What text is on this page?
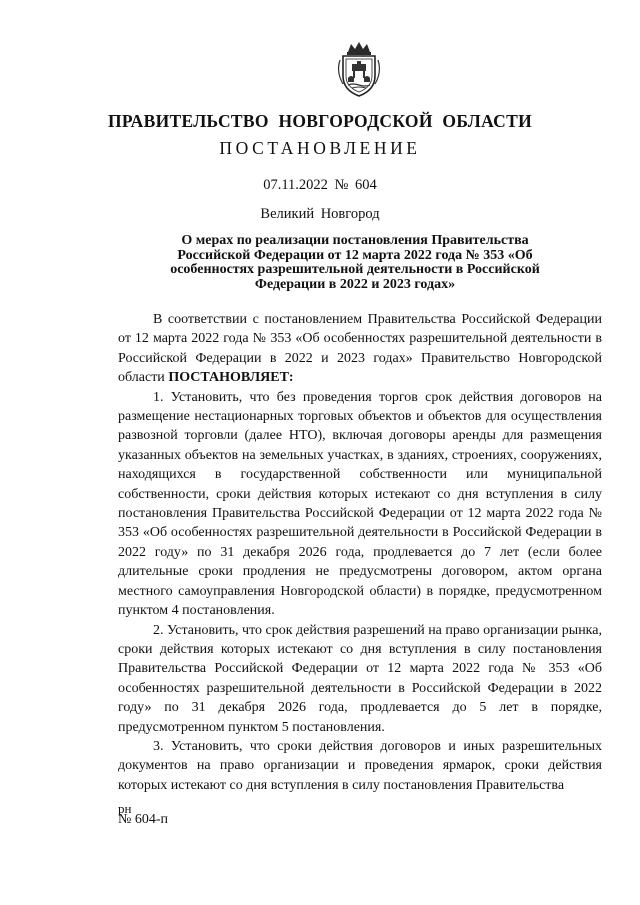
ПРАВИТЕЛЬСТВО НОВГОРОДСКОЙ ОБЛАСТИ
ПОСТАНОВЛЕНИЕ
07.11.2022 № 604
Великий Новгород
О мерах по реализации постановления Правительства Российской Федерации от 12 марта 2022 года № 353 «Об особенностях разрешительной деятельности в Российской Федерации в 2022 и 2023 годах»

В соответствии с постановлением Правительства Российской Федерации от 12 марта 2022 года № 353 «Об особенностях разрешительной деятельности в Российской Федерации в 2022 и 2023 годах» Правительство Новгородской области ПОСТАНОВЛЯЕТ:

1. Установить, что без проведения торгов срок действия договоров на размещение нестационарных торговых объектов и объектов для осуществления развозной торговли (далее НТО), включая договоры аренды для размещения указанных объектов на земельных участках, в зданиях, строениях, сооружениях, находящихся в государственной собственности или муниципальной собственности, сроки действия которых истекают со дня вступления в силу постановления Правительства Российской Федерации от 12 марта 2022 года № 353 «Об особенностях разрешительной деятельности в Российской Федерации в 2022 году» по 31 декабря 2026 года, продлевается до 7 лет (если более длительные сроки продления не предусмотрены договором, актом органа местного самоуправления Новгородской области) в порядке, предусмотренном пунктом 4 постановления.

2. Установить, что срок действия разрешений на право организации рынка, сроки действия которых истекают со дня вступления в силу постановления Правительства Российской Федерации от 12 марта 2022 года № 353 «Об особенностях разрешительной деятельности в Российской Федерации в 2022 году» по 31 декабря 2026 года, продлевается до 5 лет в порядке, предусмотренном пунктом 5 постановления.

3. Установить, что сроки действия договоров и иных разрешительных документов на право организации и проведения ярмарок, сроки действия которых истекают со дня вступления в силу постановления Правительства

рн
№ 604-п
